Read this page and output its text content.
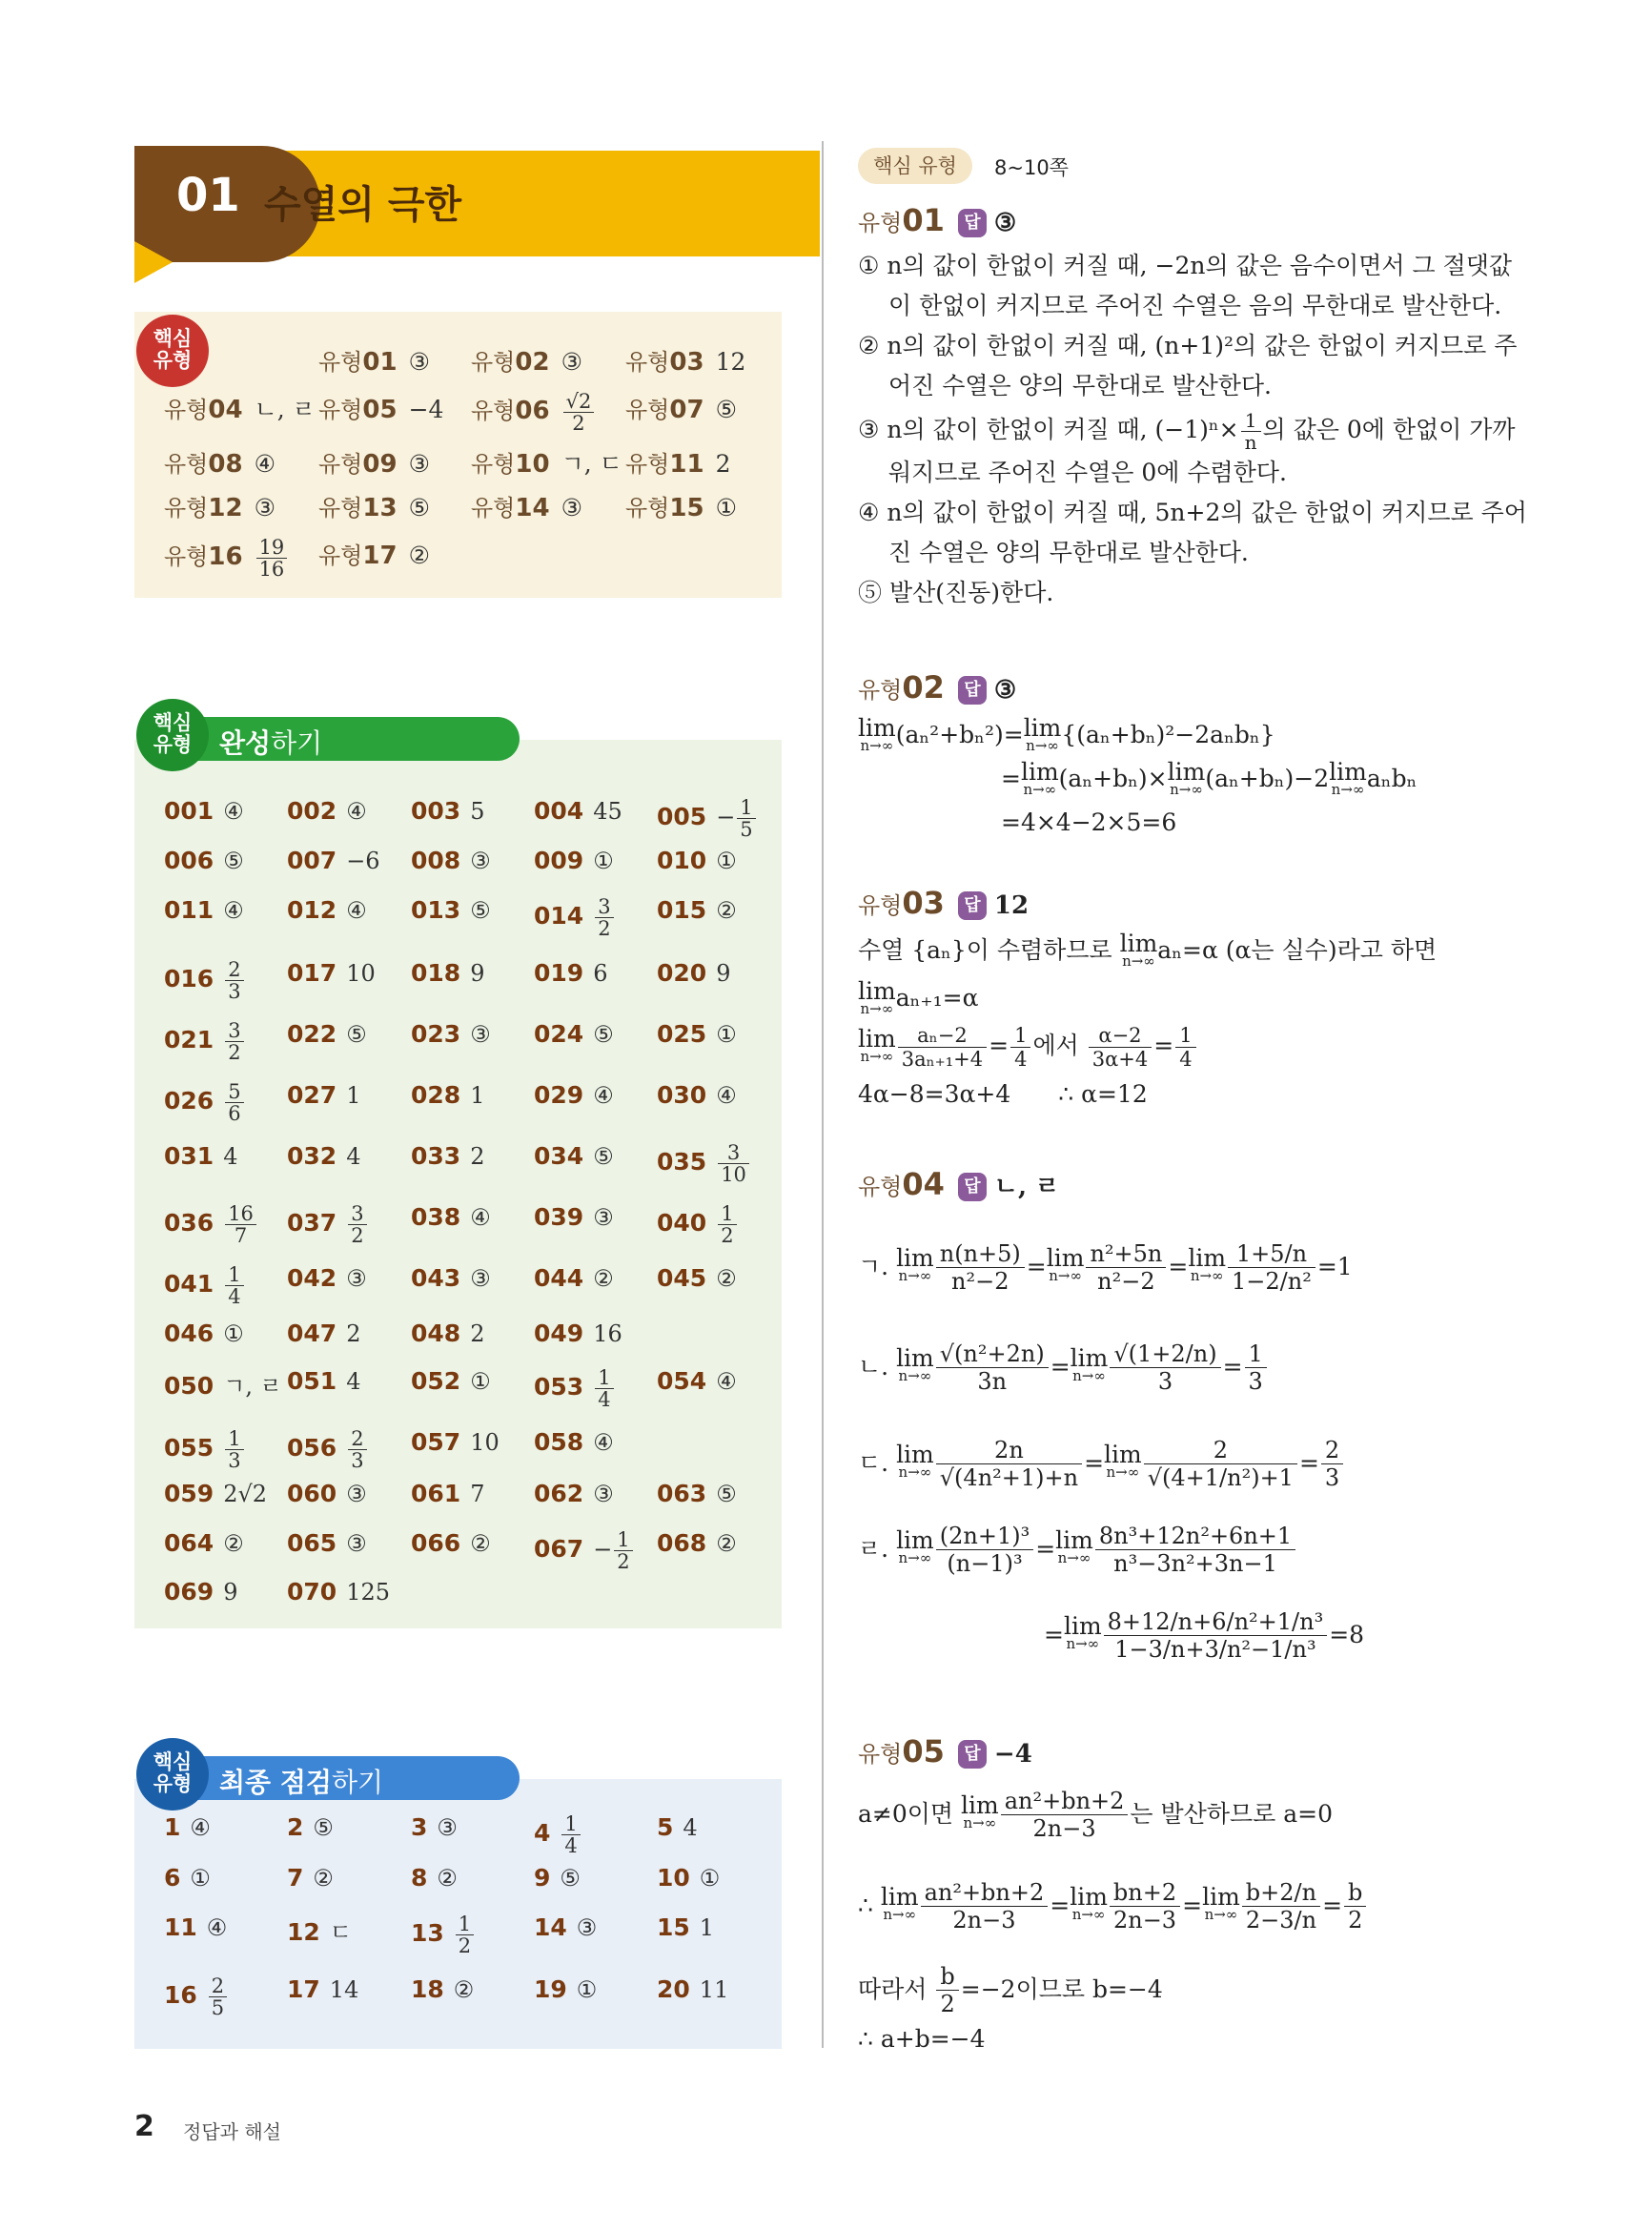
01 수열의 극한
핵심
유형	유형01 ③ 유형02 ③ 유형03 12
유형04 ㄴ, ㄹ 유형05 −4 유형$06 \frac{√2}{2}$ 유형07 ⑤
유형08 ④ 유형09 ③ 유형10 ㄱ, ㄷ 유형11 2
유형12 ③ 유형13 ⑤ 유형14 ③ 유형15 ①
유형$16 \frac{19}{16}$ 유형17 ②
핵심
유형	완성하기
001 ④ 002 ④ 003 5 004 45 $005 - \frac{1}{5}$
006 ⑤ 007 −6 008 ③ 009 ① 010 ①
011 ④ 012 ④ 013 ⑤ $014 \frac{3}{2} 015$ ②
$016 \frac{2}{3} 017$ 10 018 9 019 6 020 9
$021 \frac{3}{2} 022$ ⑤ 023 ③ 024 ⑤ 025 ①
$026 \frac{5}{6} 027$ 1 028 1 029 ④ 030 ④
031 4 032 4 033 2 034 ⑤ $035 \frac{3}{10}$
$036 \frac{16}{7} 037 \frac{3}{2} 038$ ④ 039 ③ $040 \frac{1}{2}$
$041 \frac{1}{4} 042$ ③ 043 ③ 044 ② 045 ②
046 ① 047 2 048 2 049 16
050 ㄱ, ㄹ 051 4 052 ① $053 \frac{1}{4} 054$ ④
$055 \frac{1}{3} 056 \frac{2}{3} 057$ 10 058 ④
059 2√2 060 ③ 061 7 062 ③ 063 ⑤
064 ② 065 ③ 066 ② $067 - \frac{1}{2} 068$ ②
069 9 070 125
핵심
유형	최종 점검하기
1 ④	2 ⑤	3 ③	$4 \frac{1}{4}$	5 4
6 ①	7 ②	8 ②	9 ⑤	10 ①
11 ④	12 ㄷ $13 \frac{1}{2}$	14 ③	15 1
$16 \frac{2}{5}$	17 14 18 ②	19 ①	20 11
핵심 유형	8~10쪽
유형01 답 ③
① n의 값이 한없이 커질 때, −2n의 값은 음수이면서 그 절댓값
이 한없이 커지므로 주어진 수열은 음의 무한대로 발산한다.
② n의 값이 한없이 커질 때, (n+1)²의 값은 한없이 커지므로 주
어진 수열은 양의 무한대로 발산한다.
③ n의 값이 한없이 커질 때, $(-1)^n\times \frac{1}{n}$ 의 값은 0에 한없이 가까
워지므로 주어진 수열은 0에 수렴한다.
④ n의 값이 한없이 커질 때, 5n+2의 값은 한없이 커지므로 주어
진 수열은 양의 무한대로 발산한다.
⑤ 발산(진동)한다.
유형02 답 ③
lim
n→∞ (aₙ²+bₙ²)= lim
n→∞ {(aₙ+bₙ)²−2aₙbₙ}
= lim
n→∞ (aₙ+bₙ)× lim
n→∞ (aₙ+bₙ)−2 lim
n→∞ aₙbₙ
=4×4−2×5=6
유형03 답 12
수열 {aₙ}이 수렴하므로 lim
n→∞ aₙ=α (α는 실수)라고 하면
lim
n→∞ aₙ₊₁=α
lim
$n\to\infty \frac{\text{aₙ−2}}{\text{3aₙ₊₁+4}} = \frac{1}{4}$ 에서 $\frac{\alpha-2}{3\alpha+4} = \frac{1}{4}$
4α−8=3α+4 ∴ α=12
유형04 답 ㄴ, ㄹ
ㄱ.
lim
$n\to\infty \frac{n(n+5)}{\text{n²−2}} = \lim$
$n\to\infty \frac{\text{n²+5n}}{\text{n²−2}} = \lim$
$n\to\infty \frac{1+5/n}{\text{1−2/n²}} =1$
ㄴ.
lim
$n\to\infty \frac{\text{√(n²+2n)}}{3n} = \lim$
$n\to\infty \frac{√(1+2/n)}{3} = \frac{1}{3}$
ㄷ.
lim
$n\to\infty \frac{2n}{\text{√(4n²+1)+n}} = \lim$
$n\to\infty \frac{2}{\text{√(4+1/n²)+1}} = \frac{2}{3}$
ㄹ.
lim
$n\to\infty \frac{\text{(2n+1)³}}{\text{(n−1)³}} = \lim$
$n\to\infty \frac{\text{8n³+12n²+6n+1}}{\text{n³−3n²+3n−1}}$
= lim
$n\to\infty \frac{\text{8+12/n+6/n²+1/n³}}{\text{1−3/n+3/n²−1/n³}} =8$
유형05 답 −4
a≠0이면
lim
$n\to\infty \frac{\text{an²+bn+2}}{2n-3}$ 는 발산하므로 a=0
∴
lim
$n\to\infty \frac{\text{an²+bn+2}}{2n-3} = \lim$
$n\to\infty \frac{bn+2}{2n-3} = \lim$
$n\to\infty \frac{b+2/n}{2-3/n} = \frac{b}{2}$
따라서
$\frac{b}{2} =-2$이므로 b=−4
∴ a+b=−4
2 정답과 해설
